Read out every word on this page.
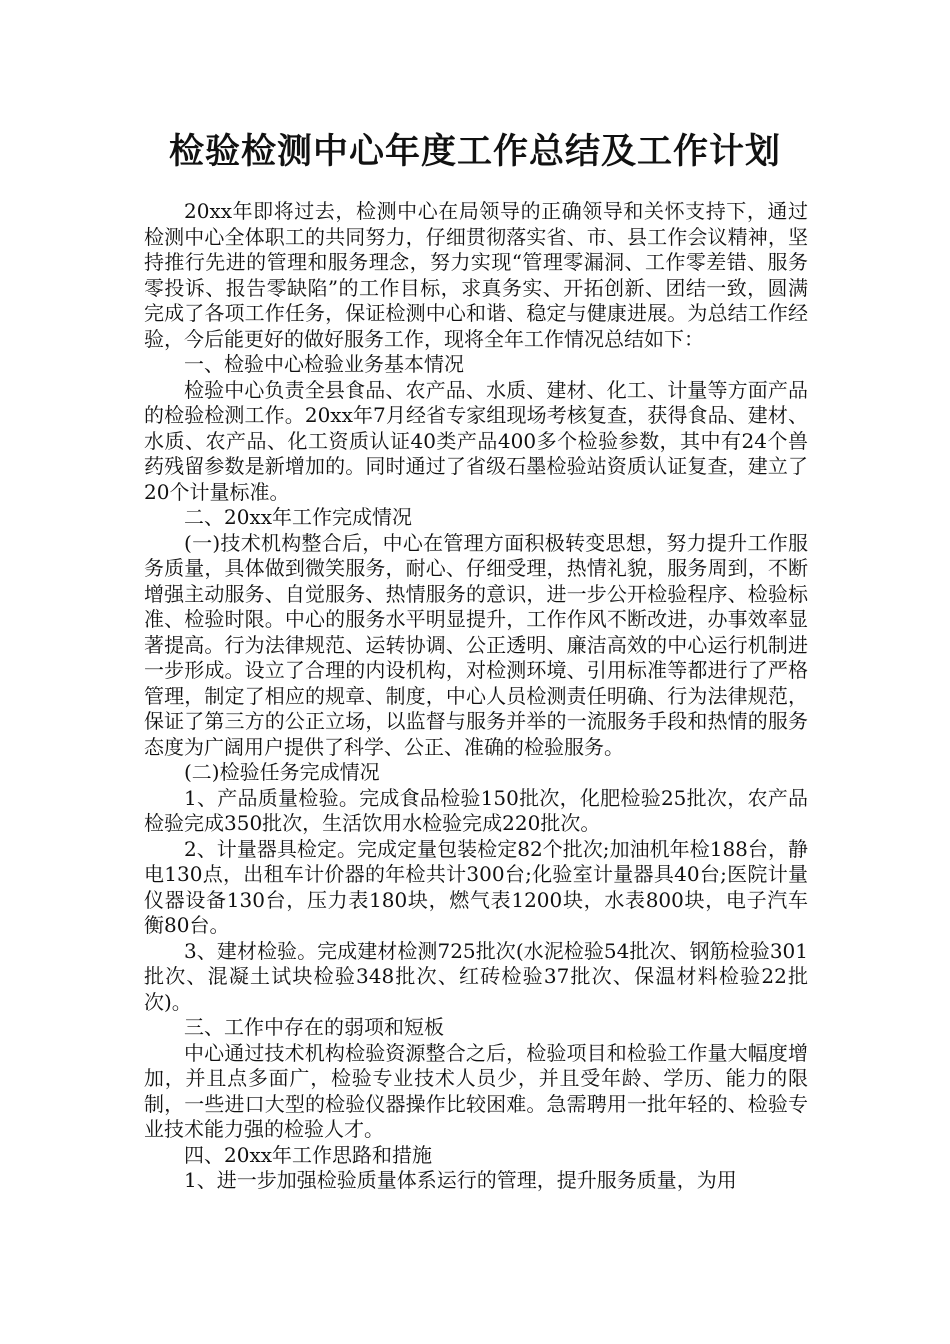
检验检测中心年度工作总结及工作计划

20xx年即将过去，检测中心在局领导的正确领导和关怀支持下，通过检测中心全体职工的共同努力，仔细贯彻落实省、市、县工作会议精神，坚持推行先进的管理和服务理念，努力实现“管理零漏洞、工作零差错、服务零投诉、报告零缺陷”的工作目标，求真务实、开拓创新、团结一致，圆满完成了各项工作任务，保证检测中心和谐、稳定与健康进展。为总结工作经验，今后能更好的做好服务工作，现将全年工作情况总结如下：

一、检验中心检验业务基本情况

检验中心负责全县食品、农产品、水质、建材、化工、计量等方面产品的检验检测工作。20xx年7月经省专家组现场考核复查，获得食品、建材、水质、农产品、化工资质认证40类产品400多个检验参数，其中有24个兽药残留参数是新增加的。同时通过了省级石墨检验站资质认证复查，建立了20个计量标准。

二、20xx年工作完成情况

(一)技术机构整合后，中心在管理方面积极转变思想，努力提升工作服务质量，具体做到微笑服务，耐心、仔细受理，热情礼貌，服务周到，不断增强主动服务、自觉服务、热情服务的意识，进一步公开检验程序、检验标准、检验时限。中心的服务水平明显提升，工作作风不断改进，办事效率显著提高。行为法律规范、运转协调、公正透明、廉洁高效的中心运行机制进一步形成。设立了合理的内设机构，对检测环境、引用标准等都进行了严格管理，制定了相应的规章、制度，中心人员检测责任明确、行为法律规范，保证了第三方的公正立场，以监督与服务并举的一流服务手段和热情的服务态度为广阔用户提供了科学、公正、准确的检验服务。

(二)检验任务完成情况

1、产品质量检验。完成食品检验150批次，化肥检验25批次，农产品检验完成350批次，生活饮用水检验完成220批次。

2、计量器具检定。完成定量包装检定82个批次;加油机年检188台，静电130点，出租车计价器的年检共计300台;化验室计量器具40台;医院计量仪器设备130台，压力表180块，燃气表1200块，水表800块，电子汽车衡80台。

3、建材检验。完成建材检测725批次(水泥检验54批次、钢筋检验301批次、混凝土试块检验348批次、红砖检验37批次、保温材料检验22批次)。

三、工作中存在的弱项和短板

中心通过技术机构检验资源整合之后，检验项目和检验工作量大幅度增加，并且点多面广，检验专业技术人员少，并且受年龄、学历、能力的限制，一些进口大型的检验仪器操作比较困难。急需聘用一批年轻的、检验专业技术能力强的检验人才。

四、20xx年工作思路和措施

1、进一步加强检验质量体系运行的管理，提升服务质量，为用
